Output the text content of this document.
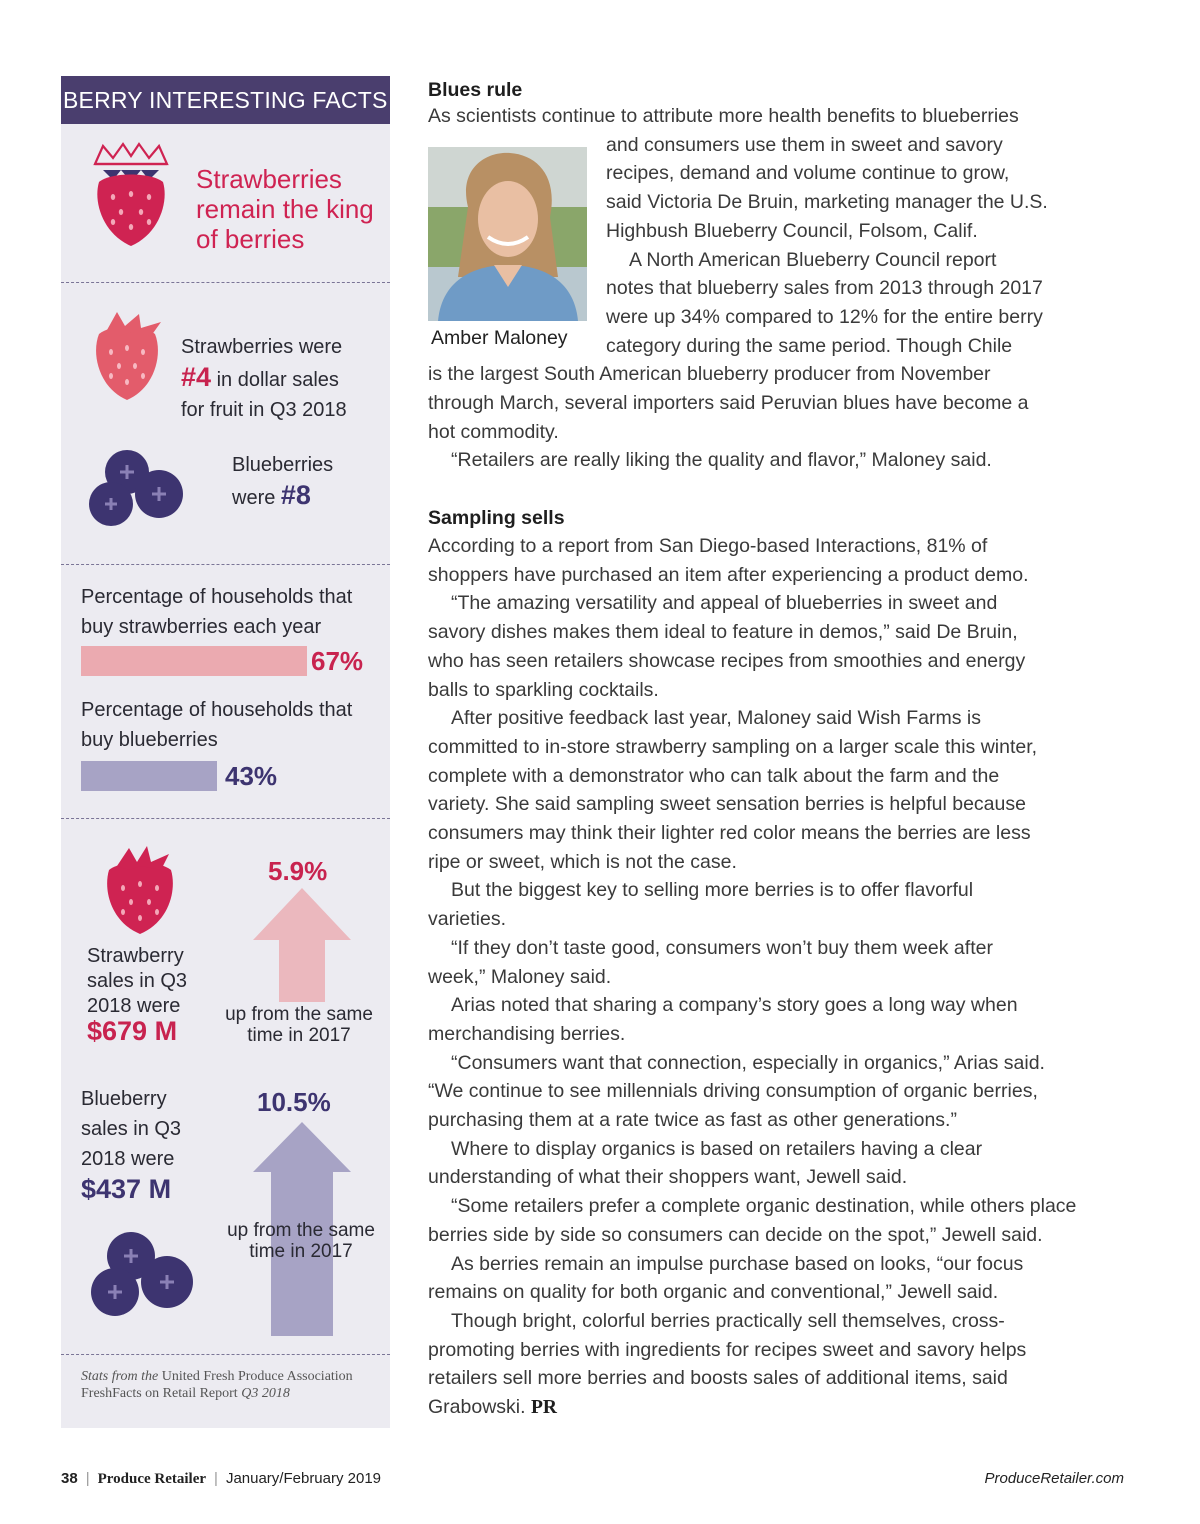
BERRY INTERESTING FACTS
Strawberries remain the king of berries
Strawberries were
#4 in dollar sales
for fruit in Q3 2018
Blueberries
were #8
Percentage of households that buy strawberries each year
67%
Percentage of households that buy blueberries
43%
5.9%
Strawberry sales in Q3 2018 were
$679 M
up from the same time in 2017
10.5%
Blueberry sales in Q3 2018 were
$437 M
up from the same time in 2017
Stats from the United Fresh Produce Association FreshFacts on Retail Report Q3 2018
Blues rule
Amber Maloney
As scientists continue to attribute more health benefits to blueberries
and consumers use them in sweet and savory
recipes, demand and volume continue to grow,
said Victoria De Bruin, marketing manager the U.S.
Highbush Blueberry Council, Folsom, Calif.
A North American Blueberry Council report
notes that blueberry sales from 2013 through 2017
were up 34% compared to 12% for the entire berry
category during the same period. Though Chile
is the largest South American blueberry producer from November
through March, several importers said Peruvian blues have become a
hot commodity.
“Retailers are really liking the quality and flavor,” Maloney said.
Sampling sells
According to a report from San Diego-based Interactions, 81% of
shoppers have purchased an item after experiencing a product demo.
“The amazing versatility and appeal of blueberries in sweet and
savory dishes makes them ideal to feature in demos,” said De Bruin,
who has seen retailers showcase recipes from smoothies and energy
balls to sparkling cocktails.
After positive feedback last year, Maloney said Wish Farms is
committed to in-store strawberry sampling on a larger scale this winter,
complete with a demonstrator who can talk about the farm and the
variety. She said sampling sweet sensation berries is helpful because
consumers may think their lighter red color means the berries are less
ripe or sweet, which is not the case.
But the biggest key to selling more berries is to offer flavorful
varieties.
“If they don’t taste good, consumers won’t buy them week after
week,” Maloney said.
Arias noted that sharing a company’s story goes a long way when
merchandising berries.
“Consumers want that connection, especially in organics,” Arias said.
“We continue to see millennials driving consumption of organic berries,
purchasing them at a rate twice as fast as other generations.”
Where to display organics is based on retailers having a clear
understanding of what their shoppers want, Jewell said.
“Some retailers prefer a complete organic destination, while others place
berries side by side so consumers can decide on the spot,” Jewell said.
As berries remain an impulse purchase based on looks, “our focus
remains on quality for both organic and conventional,” Jewell said.
Though bright, colorful berries practically sell themselves, cross-
promoting berries with ingredients for recipes sweet and savory helps
retailers sell more berries and boosts sales of additional items, said
Grabowski. PR
38 | Produce Retailer | January/February 2019	ProduceRetailer.com
